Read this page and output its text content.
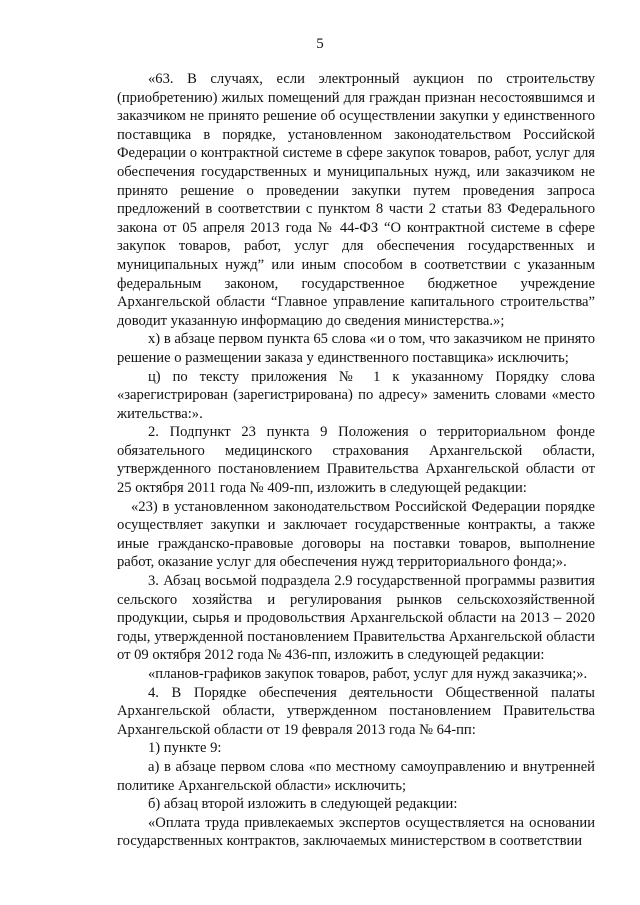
5

«63. В случаях, если электронный аукцион по строительству (приобретению) жилых помещений для граждан признан несостоявшимся и заказчиком не принято решение об осуществлении закупки у единственного поставщика в порядке, установленном законодательством Российской Федерации о контрактной системе в сфере закупок товаров, работ, услуг для обеспечения государственных и муниципальных нужд, или заказчиком не принято решение о проведении закупки путем проведения запроса предложений в соответствии с пунктом 8 части 2 статьи 83 Федерального закона от 05 апреля 2013 года № 44-ФЗ “О контрактной системе в сфере закупок товаров, работ, услуг для обеспечения государственных и муниципальных нужд” или иным способом в соответствии с указанным федеральным законом, государственное бюджетное учреждение Архангельской области “Главное управление капитального строительства” доводит указанную информацию до сведения министерства.»;

х) в абзаце первом пункта 65 слова «и о том, что заказчиком не принято решение о размещении заказа у единственного поставщика» исключить;

ц) по тексту приложения № 1 к указанному Порядку слова «зарегистрирован (зарегистрирована) по адресу» заменить словами «место жительства:».

2. Подпункт 23 пункта 9 Положения о территориальном фонде обязательного медицинского страхования Архангельской области, утвержденного постановлением Правительства Архангельской области от 25 октября 2011 года № 409-пп, изложить в следующей редакции:

«23) в установленном законодательством Российской Федерации порядке осуществляет закупки и заключает государственные контракты, а также иные гражданско-правовые договоры на поставки товаров, выполнение работ, оказание услуг для обеспечения нужд территориального фонда;».

3. Абзац восьмой подраздела 2.9 государственной программы развития сельского хозяйства и регулирования рынков сельскохозяйственной продукции, сырья и продовольствия Архангельской области на 2013 – 2020 годы, утвержденной постановлением Правительства Архангельской области от 09 октября 2012 года № 436-пп, изложить в следующей редакции:

«планов-графиков закупок товаров, работ, услуг для нужд заказчика;».

4. В Порядке обеспечения деятельности Общественной палаты Архангельской области, утвержденном постановлением Правительства Архангельской области от 19 февраля 2013 года № 64-пп:

1) пункте 9:

а) в абзаце первом слова «по местному самоуправлению и внутренней политике Архангельской области» исключить;

б) абзац второй изложить в следующей редакции:

«Оплата труда привлекаемых экспертов осуществляется на основании государственных контрактов, заключаемых министерством в соответствии
